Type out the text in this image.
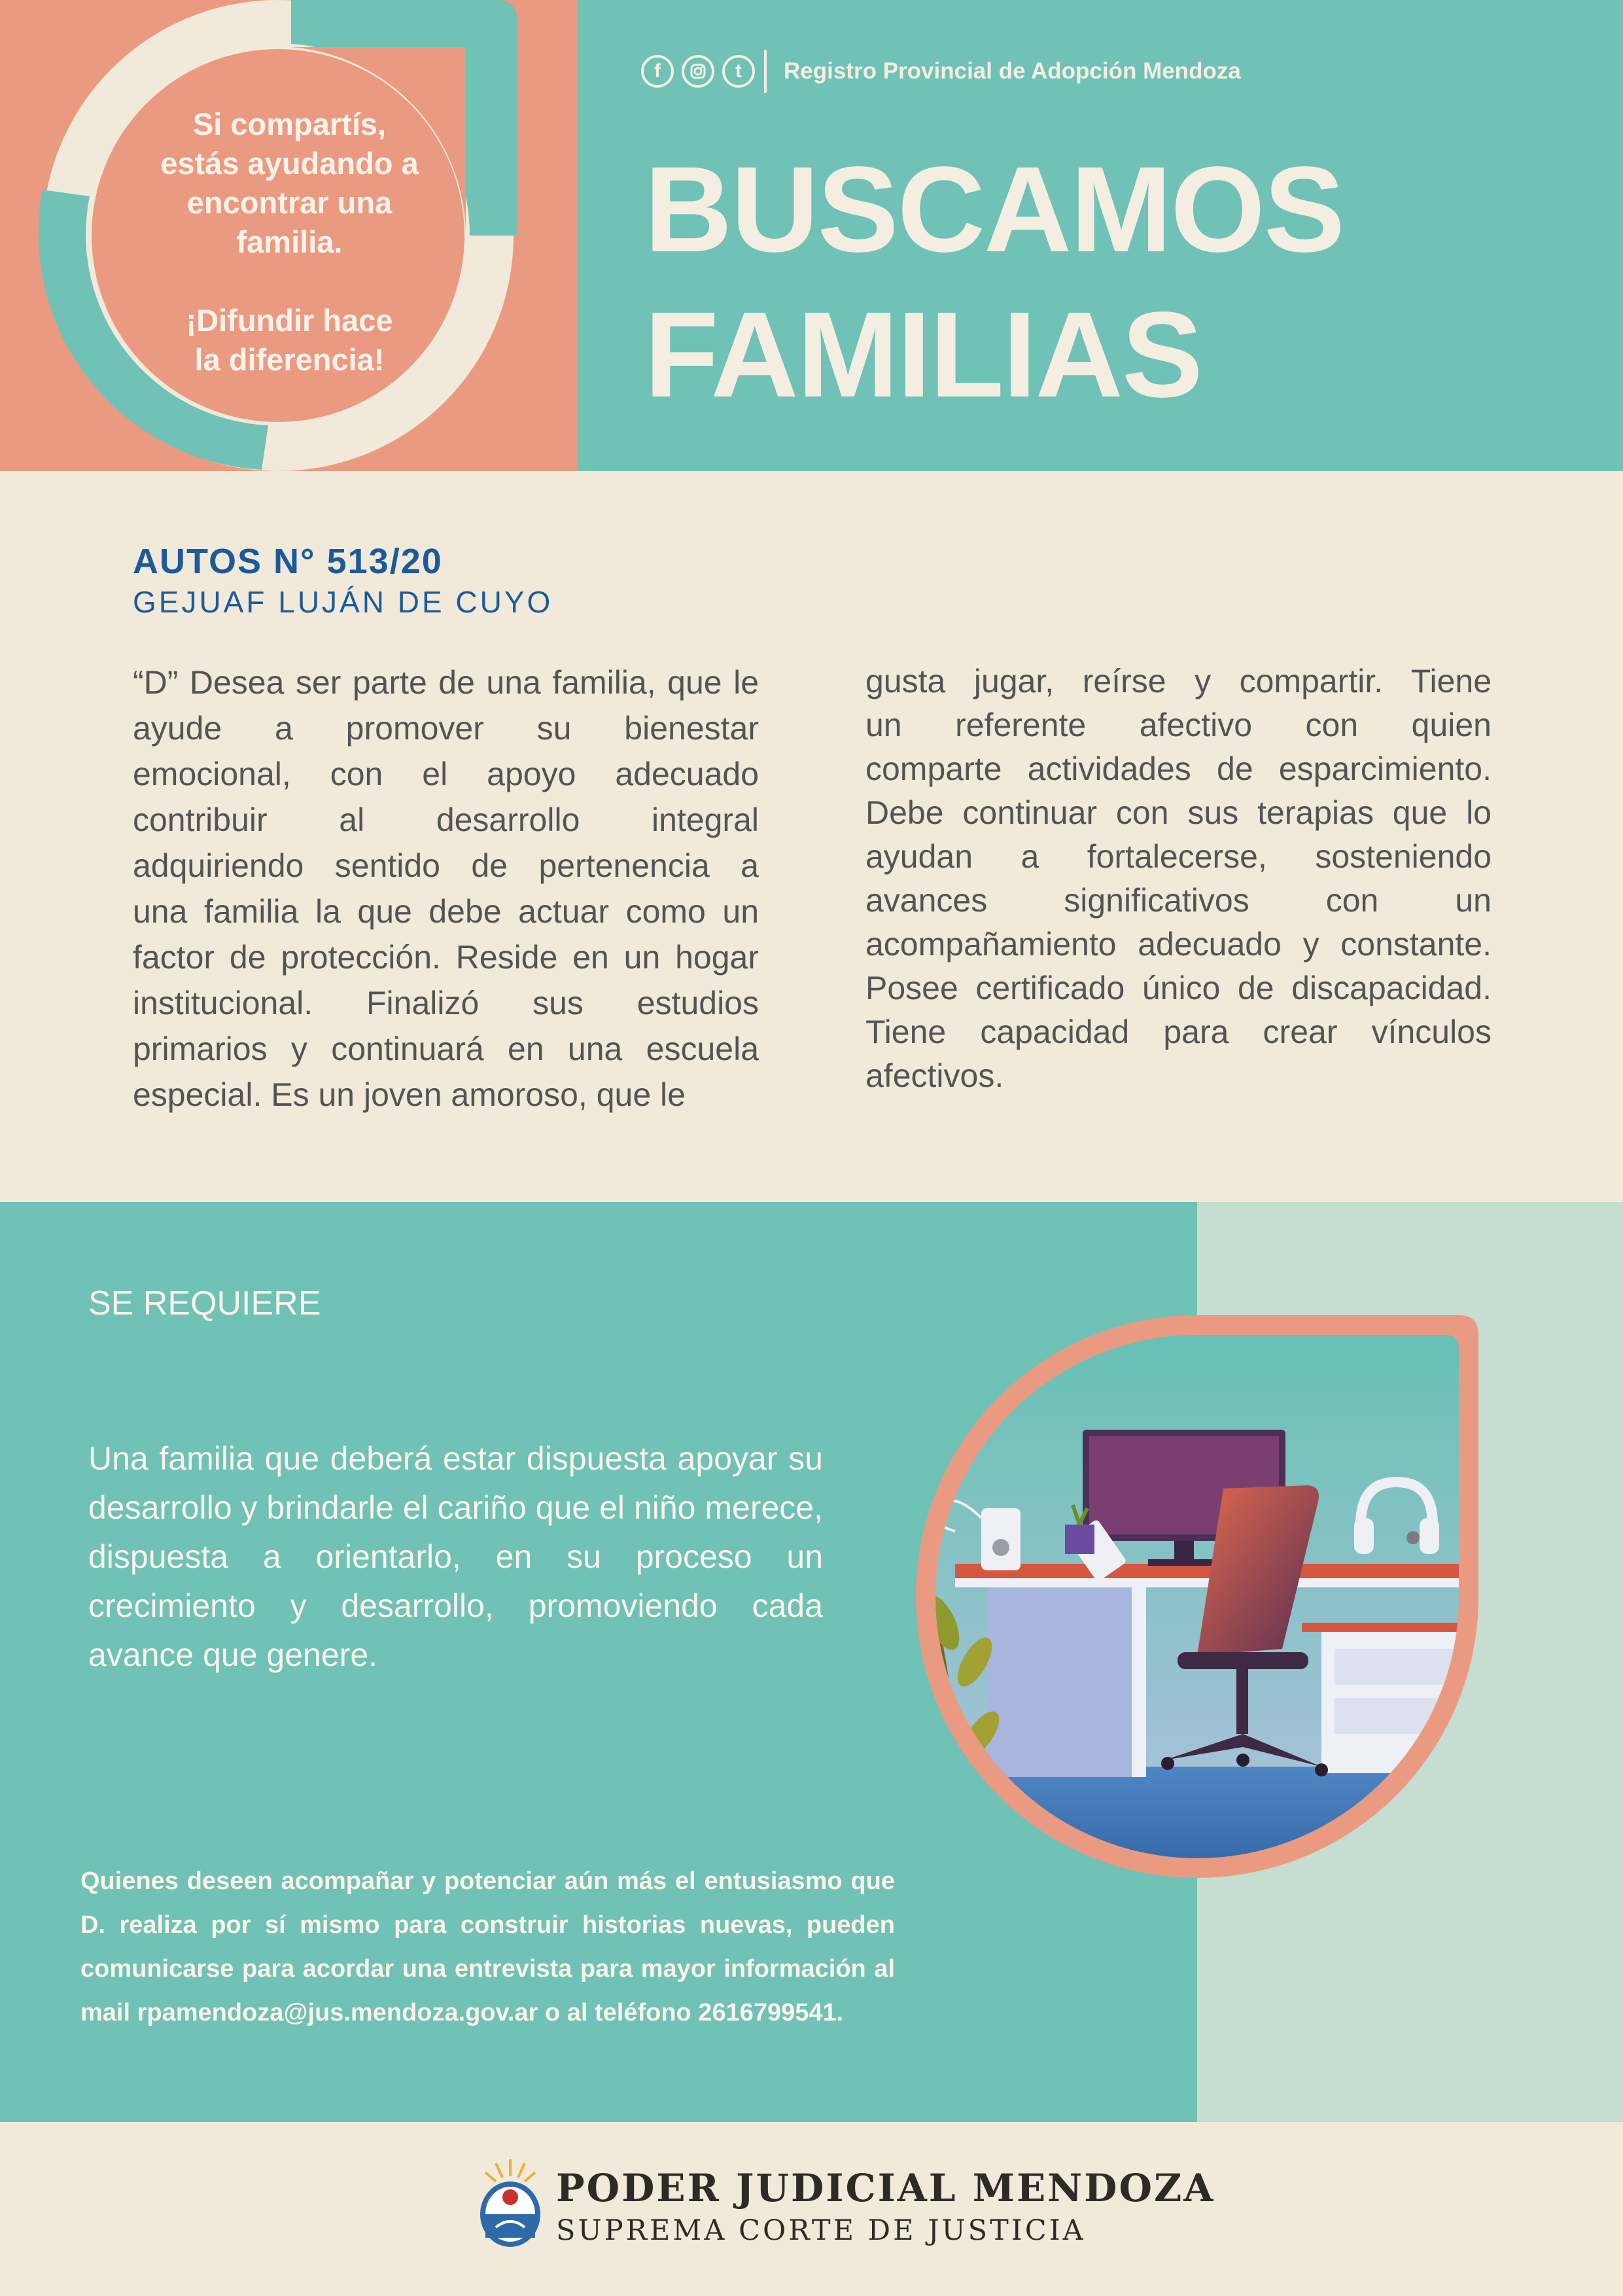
Si compartís,

estás ayudando a

encontrar una

familia.

¡Difundir hace

la diferencia!

f	t Registro Provincial de Adopción Mendoza
BUSCAMOS
FAMILIAS
AUTOS N° 513/20
GEJUAF LUJÁN DE CUYO
“D” Desea ser parte de una familia, que le
ayude a promover su bienestar
emocional, con el apoyo adecuado
contribuir al desarrollo integral
adquiriendo sentido de pertenencia a
una familia la que debe actuar como un
factor de protección. Reside en un hogar
institucional. Finalizó sus estudios
primarios y continuará en una escuela
especial. Es un joven amoroso, que le
gusta jugar, reírse y compartir. Tiene
un referente afectivo con quien
comparte actividades de esparcimiento.
Debe continuar con sus terapias que lo
ayudan a fortalecerse, sosteniendo
avances significativos con un
acompañamiento adecuado y constante.
Posee certificado único de discapacidad.
Tiene capacidad para crear vínculos
afectivos.
SE REQUIERE
Una familia que deberá estar dispuesta apoyar su desarrollo y brindarle el cariño que el niño merece, dispuesta a orientarlo, en su proceso un crecimiento y desarrollo, promoviendo cada avance que genere.
Quienes deseen acompañar y potenciar aún más el entusiasmo que D. realiza por sí mismo para construir historias nuevas, pueden comunicarse para acordar una entrevista para mayor información al mail rpamendoza@jus.mendoza.gov.ar o al teléfono 2616799541.
PODER JUDICIAL MENDOZA
SUPREMA CORTE DE JUSTICIA
